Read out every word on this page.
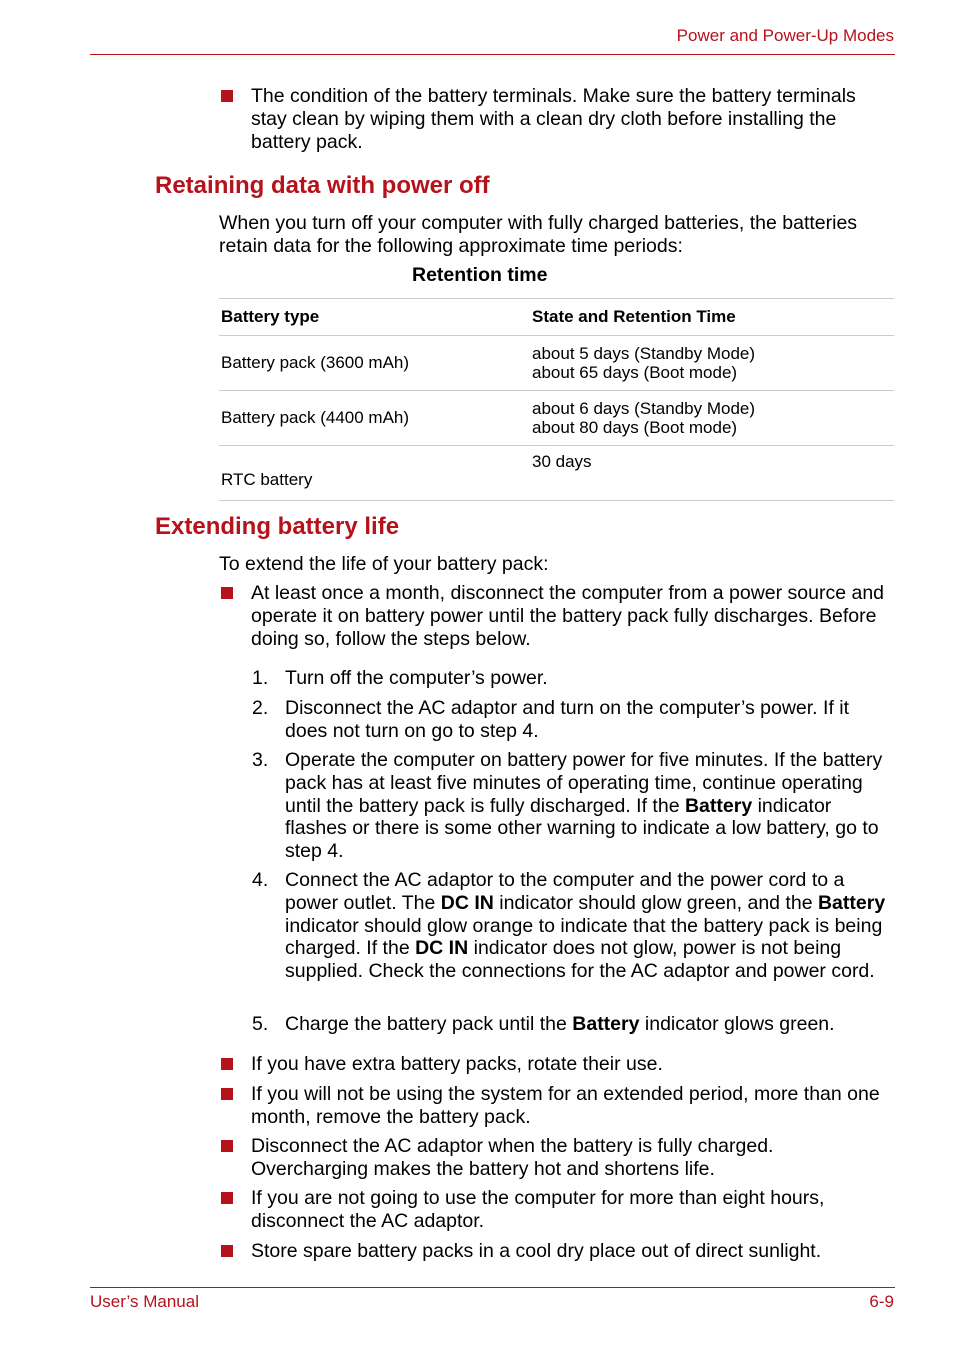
Power and Power-Up Modes
The condition of the battery terminals. Make sure the battery terminals stay clean by wiping them with a clean dry cloth before installing the battery pack.
Retaining data with power off
When you turn off your computer with fully charged batteries, the batteries retain data for the following approximate time periods:
Retention time
Battery type	State and Retention Time
Battery pack (3600 mAh)	about 5 days (Standby Mode)
about 65 days (Boot mode)

Battery pack (4400 mAh)	about 6 days (Standby Mode)
about 80 days (Boot mode)

RTC battery	30 days
Extending battery life
To extend the life of your battery pack:
At least once a month, disconnect the computer from a power source and operate it on battery power until the battery pack fully discharges. Before doing so, follow the steps below.
1. Turn off the computer’s power.
2. Disconnect the AC adaptor and turn on the computer’s power. If it does not turn on go to step 4.
3. Operate the computer on battery power for five minutes. If the battery pack has at least five minutes of operating time, continue operating until the battery pack is fully discharged. If the Battery indicator flashes or there is some other warning to indicate a low battery, go to step 4.
4. Connect the AC adaptor to the computer and the power cord to a power outlet. The DC IN indicator should glow green, and the Battery indicator should glow orange to indicate that the battery pack is being charged. If the DC IN indicator does not glow, power is not being supplied. Check the connections for the AC adaptor and power cord.
5. Charge the battery pack until the Battery indicator glows green.
If you have extra battery packs, rotate their use.
If you will not be using the system for an extended period, more than one month, remove the battery pack.
Disconnect the AC adaptor when the battery is fully charged. Overcharging makes the battery hot and shortens life.
If you are not going to use the computer for more than eight hours, disconnect the AC adaptor.
Store spare battery packs in a cool dry place out of direct sunlight.
User’s Manual	6-9
